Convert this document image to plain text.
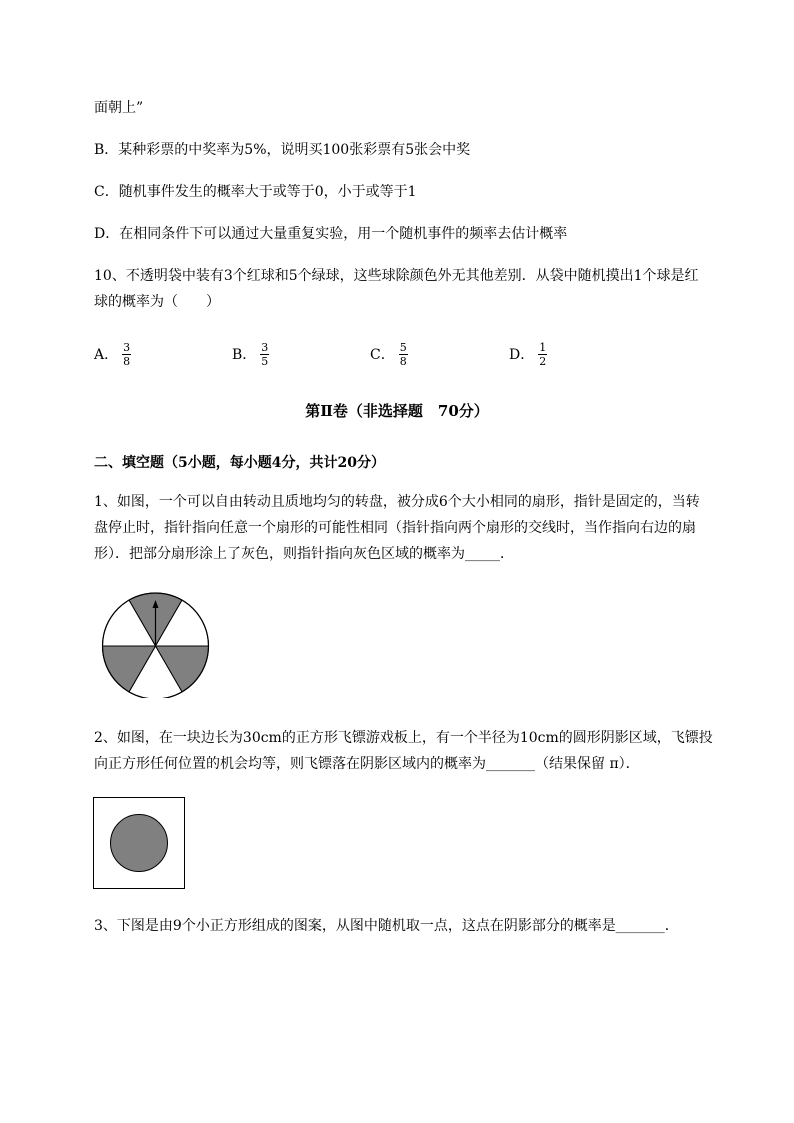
面朝上”
B．某种彩票的中奖率为5%，说明买100张彩票有5张会中奖
C．随机事件发生的概率大于或等于0，小于或等于1
D．在相同条件下可以通过大量重复实验，用一个随机事件的频率去估计概率
10、不透明袋中装有3个红球和5个绿球，这些球除颜色外无其他差别．从袋中随机摸出1个球是红
球的概率为（　　）
A． $\frac{3}{8}$	B． $\frac{3}{5}$	C． $\frac{5}{8}$	D． $\frac{1}{2}$
第Ⅱ卷（非选择题　70分）
二、填空题（5小题，每小题4分，共计20分）
1、如图，一个可以自由转动且质地均匀的转盘，被分成6个大小相同的扇形，指针是固定的，当转
盘停止时，指针指向任意一个扇形的可能性相同（指针指向两个扇形的交线时，当作指向右边的扇
形）．把部分扇形涂上了灰色，则指针指向灰色区域的概率为_____．
2、如图，在一块边长为30cm的正方形飞镖游戏板上，有一个半径为10cm的圆形阴影区域，飞镖投
向正方形任何位置的机会均等，则飞镖落在阴影区域内的概率为_______（结果保留 π）．
3、下图是由9个小正方形组成的图案，从图中随机取一点，这点在阴影部分的概率是_______．
